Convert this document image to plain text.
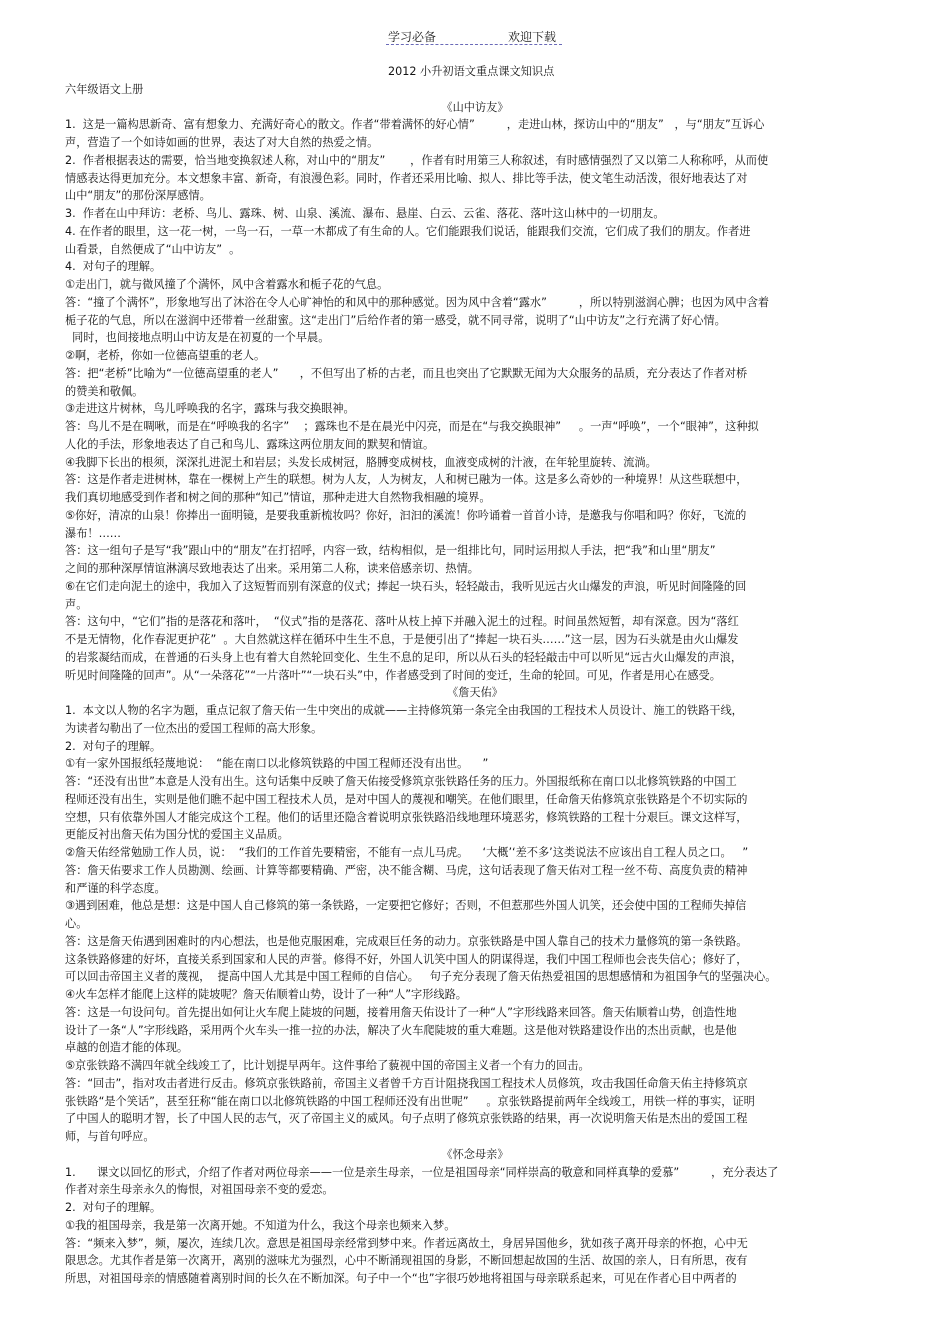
学习必备	欢迎下载
2012 小升初语文重点课文知识点
六年级语文上册
《山中访友》
1.  这是一篇构思新奇、富有想象力、充满好奇心的散文。作者“带着满怀的好心情”         ，走进山林，探访山中的“朋友”   ，与“朋友”互诉心
声，营造了一个如诗如画的世界，表达了对大自然的热爱之情。
2.  作者根据表达的需要，恰当地变换叙述人称，对山中的“朋友”       ，作者有时用第三人称叙述，有时感情强烈了又以第二人称称呼，从而使
情感表达得更加充分。本文想象丰富、新奇，有浪漫色彩。同时，作者还采用比喻、拟人、排比等手法，使文笔生动活泼，很好地表达了对
山中“朋友”的那份深厚感情。
3.  作者在山中拜访：老桥、鸟儿、露珠、树、山泉、溪流、瀑布、悬崖、白云、云雀、落花、落叶这山林中的一切朋友。
4. 在作者的眼里，这一花一树，一鸟一石，一草一木都成了有生命的人。它们能跟我们说话，能跟我们交流，它们成了我们的朋友。作者进
山看景，自然便成了“山中访友”  。
4.  对句子的理解。
①走出门，就与微风撞了个满怀，风中含着露水和栀子花的气息。
答：“撞了个满怀”，形象地写出了沐浴在令人心旷神怡的和风中的那种感觉。因为风中含着“露水”         ，所以特别滋润心脾；也因为风中含着
栀子花的气息，所以在滋润中还带着一丝甜蜜。这“走出门”后给作者的第一感受，就不同寻常，说明了“山中访友”之行充满了好心情。
同时，也间接地点明山中访友是在初夏的一个早晨。
②啊，老桥，你如一位德高望重的老人。
答：把“老桥”比喻为“一位德高望重的老人”      ，不但写出了桥的古老，而且也突出了它默默无闻为大众服务的品质，充分表达了作者对桥
的赞美和敬佩。
③走进这片树林，鸟儿呼唤我的名字，露珠与我交换眼神。
答：鸟儿不是在啁啾，而是在“呼唤我的名字”    ；露珠也不是在晨光中闪亮，而是在“与我交换眼神”     。一声“呼唤”，一个“眼神”，这种拟
人化的手法，形象地表达了自己和鸟儿、露珠这两位朋友间的默契和情谊。
④我脚下长出的根须，深深扎进泥土和岩层；头发长成树冠，胳膊变成树枝，血液变成树的汁液，在年轮里旋转、流淌。
答：这是作者走进树林，靠在一棵树上产生的联想。树为人友，人为树友，人和树已融为一体。这是多么奇妙的一种境界！从这些联想中，
我们真切地感受到作者和树之间的那种“知己”情谊，那种走进大自然物我相融的境界。
⑤你好，清凉的山泉！你捧出一面明镜，是要我重新梳妆吗？你好，汩汩的溪流！你吟诵着一首首小诗，是邀我与你唱和吗？你好，飞流的
瀑布！……
答：这一组句子是写“我”跟山中的“朋友”在打招呼，内容一致，结构相似，是一组排比句，同时运用拟人手法，把“我”和山里“朋友”
之间的那种深厚情谊淋漓尽致地表达了出来。采用第二人称，读来倍感亲切、热情。
⑥在它们走向泥土的途中，我加入了这短暂而别有深意的仪式；捧起一块石头，轻轻敲击，我听见远古火山爆发的声浪，听见时间隆隆的回
声。
答：这句中，“它们”指的是落花和落叶，  “仪式”指的是落花、落叶从枝上掉下并融入泥土的过程。时间虽然短暂，却有深意。因为“落红
不是无情物，化作春泥更护花”  。大自然就这样在循环中生生不息，于是便引出了“捧起一块石头……”这一层，因为石头就是由火山爆发
的岩浆凝结而成，在普通的石头身上也有着大自然轮回变化、生生不息的足印，所以从石头的轻轻敲击中可以听见“远古火山爆发的声浪，
听见时间隆隆的回声”。从“一朵落花”“一片落叶”“一块石头”中，作者感受到了时间的变迁，生命的轮回。可见，作者是用心在感受。
《詹天佑》
1.  本文以人物的名字为题，重点记叙了詹天佑一生中突出的成就——主持修筑第一条完全由我国的工程技术人员设计、施工的铁路干线，
为读者勾勒出了一位杰出的爱国工程师的高大形象。
2.  对句子的理解。
①有一家外国报纸轻蔑地说：  “能在南口以北修筑铁路的中国工程师还没有出世。    ”
答：“还没有出世”本意是人没有出生。这句话集中反映了詹天佑接受修筑京张铁路任务的压力。外国报纸称在南口以北修筑铁路的中国工
程师还没有出生，实则是他们瞧不起中国工程技术人员，是对中国人的蔑视和嘲笑。在他们眼里，任命詹天佑修筑京张铁路是个不切实际的
空想，只有依靠外国人才能完成这个工程。他们的话里还隐含着说明京张铁路沿线地理环境恶劣，修筑铁路的工程十分艰巨。课文这样写，
更能反衬出詹天佑为国分忧的爱国主义品质。
②詹天佑经常勉励工作人员，说：  “我们的工作首先要精密，不能有一点儿马虎。    ‘大概’‘差不多’这类说法不应该出自工程人员之口。   ”
答：詹天佑要求工作人员勘测、绘画、计算等都要精确、严密，决不能含糊、马虎，这句话表现了詹天佑对工程一丝不苟、高度负责的精神
和严谨的科学态度。
③遇到困难，他总是想：这是中国人自己修筑的第一条铁路，一定要把它修好；否则，不但惹那些外国人讥笑，还会使中国的工程师失掉信
心。
答：这是詹天佑遇到困难时的内心想法，也是他克服困难，完成艰巨任务的动力。京张铁路是中国人靠自己的技术力量修筑的第一条铁路。
这条铁路修建的好坏，直接关系到国家和人民的声誉。修得不好，外国人讥笑中国人的阴谋得逞，我们中国工程师也会丧失信心；修好了，
可以回击帝国主义者的蔑视，  提高中国人尤其是中国工程师的自信心。   句子充分表现了詹天佑热爱祖国的思想感情和为祖国争气的坚强决心。
④火车怎样才能爬上这样的陡坡呢？詹天佑顺着山势，设计了一种“人”字形线路。
答：这是一句设问句。首先提出如何让火车爬上陡坡的问题，接着用詹天佑设计了一种“人”字形线路来回答。詹天佑顺着山势，创造性地
设计了一条“人”字形线路，采用两个火车头一推一拉的办法，解决了火车爬陡坡的重大难题。这是他对铁路建设作出的杰出贡献，也是他
卓越的创造才能的体现。
⑤京张铁路不满四年就全线竣工了，比计划提早两年。这件事给了藐视中国的帝国主义者一个有力的回击。
答：“回击”，指对攻击者进行反击。修筑京张铁路前，帝国主义者曾千方百计阻挠我国工程技术人员修筑，攻击我国任命詹天佑主持修筑京
张铁路“是个笑话”，甚至狂称“能在南口以北修筑铁路的中国工程师还没有出世呢”     。京张铁路提前两年全线竣工，用铁一样的事实，证明
了中国人的聪明才智，长了中国人民的志气，灭了帝国主义的威风。句子点明了修筑京张铁路的结果，再一次说明詹天佑是杰出的爱国工程
师，与首句呼应。
《怀念母亲》
1.      课文以回忆的形式，介绍了作者对两位母亲——一位是亲生母亲，一位是祖国母亲“同样崇高的敬意和同样真挚的爱慕”         ，充分表达了
作者对亲生母亲永久的悔恨，对祖国母亲不变的爱恋。
2.  对句子的理解。
①我的祖国母亲，我是第一次离开她。不知道为什么，我这个母亲也频来入梦。
答：“频来入梦”，频，屡次，连续几次。意思是祖国母亲经常到梦中来。作者远离故土，身居异国他乡，犹如孩子离开母亲的怀抱，心中无
限思念。尤其作者是第一次离开，离别的滋味尤为强烈，心中不断涌现祖国的身影，不断回想起故国的生活、故国的亲人，日有所思，夜有
所思，对祖国母亲的情感随着离别时间的长久在不断加深。句子中一个“也”字很巧妙地将祖国与母亲联系起来，可见在作者心目中两者的
